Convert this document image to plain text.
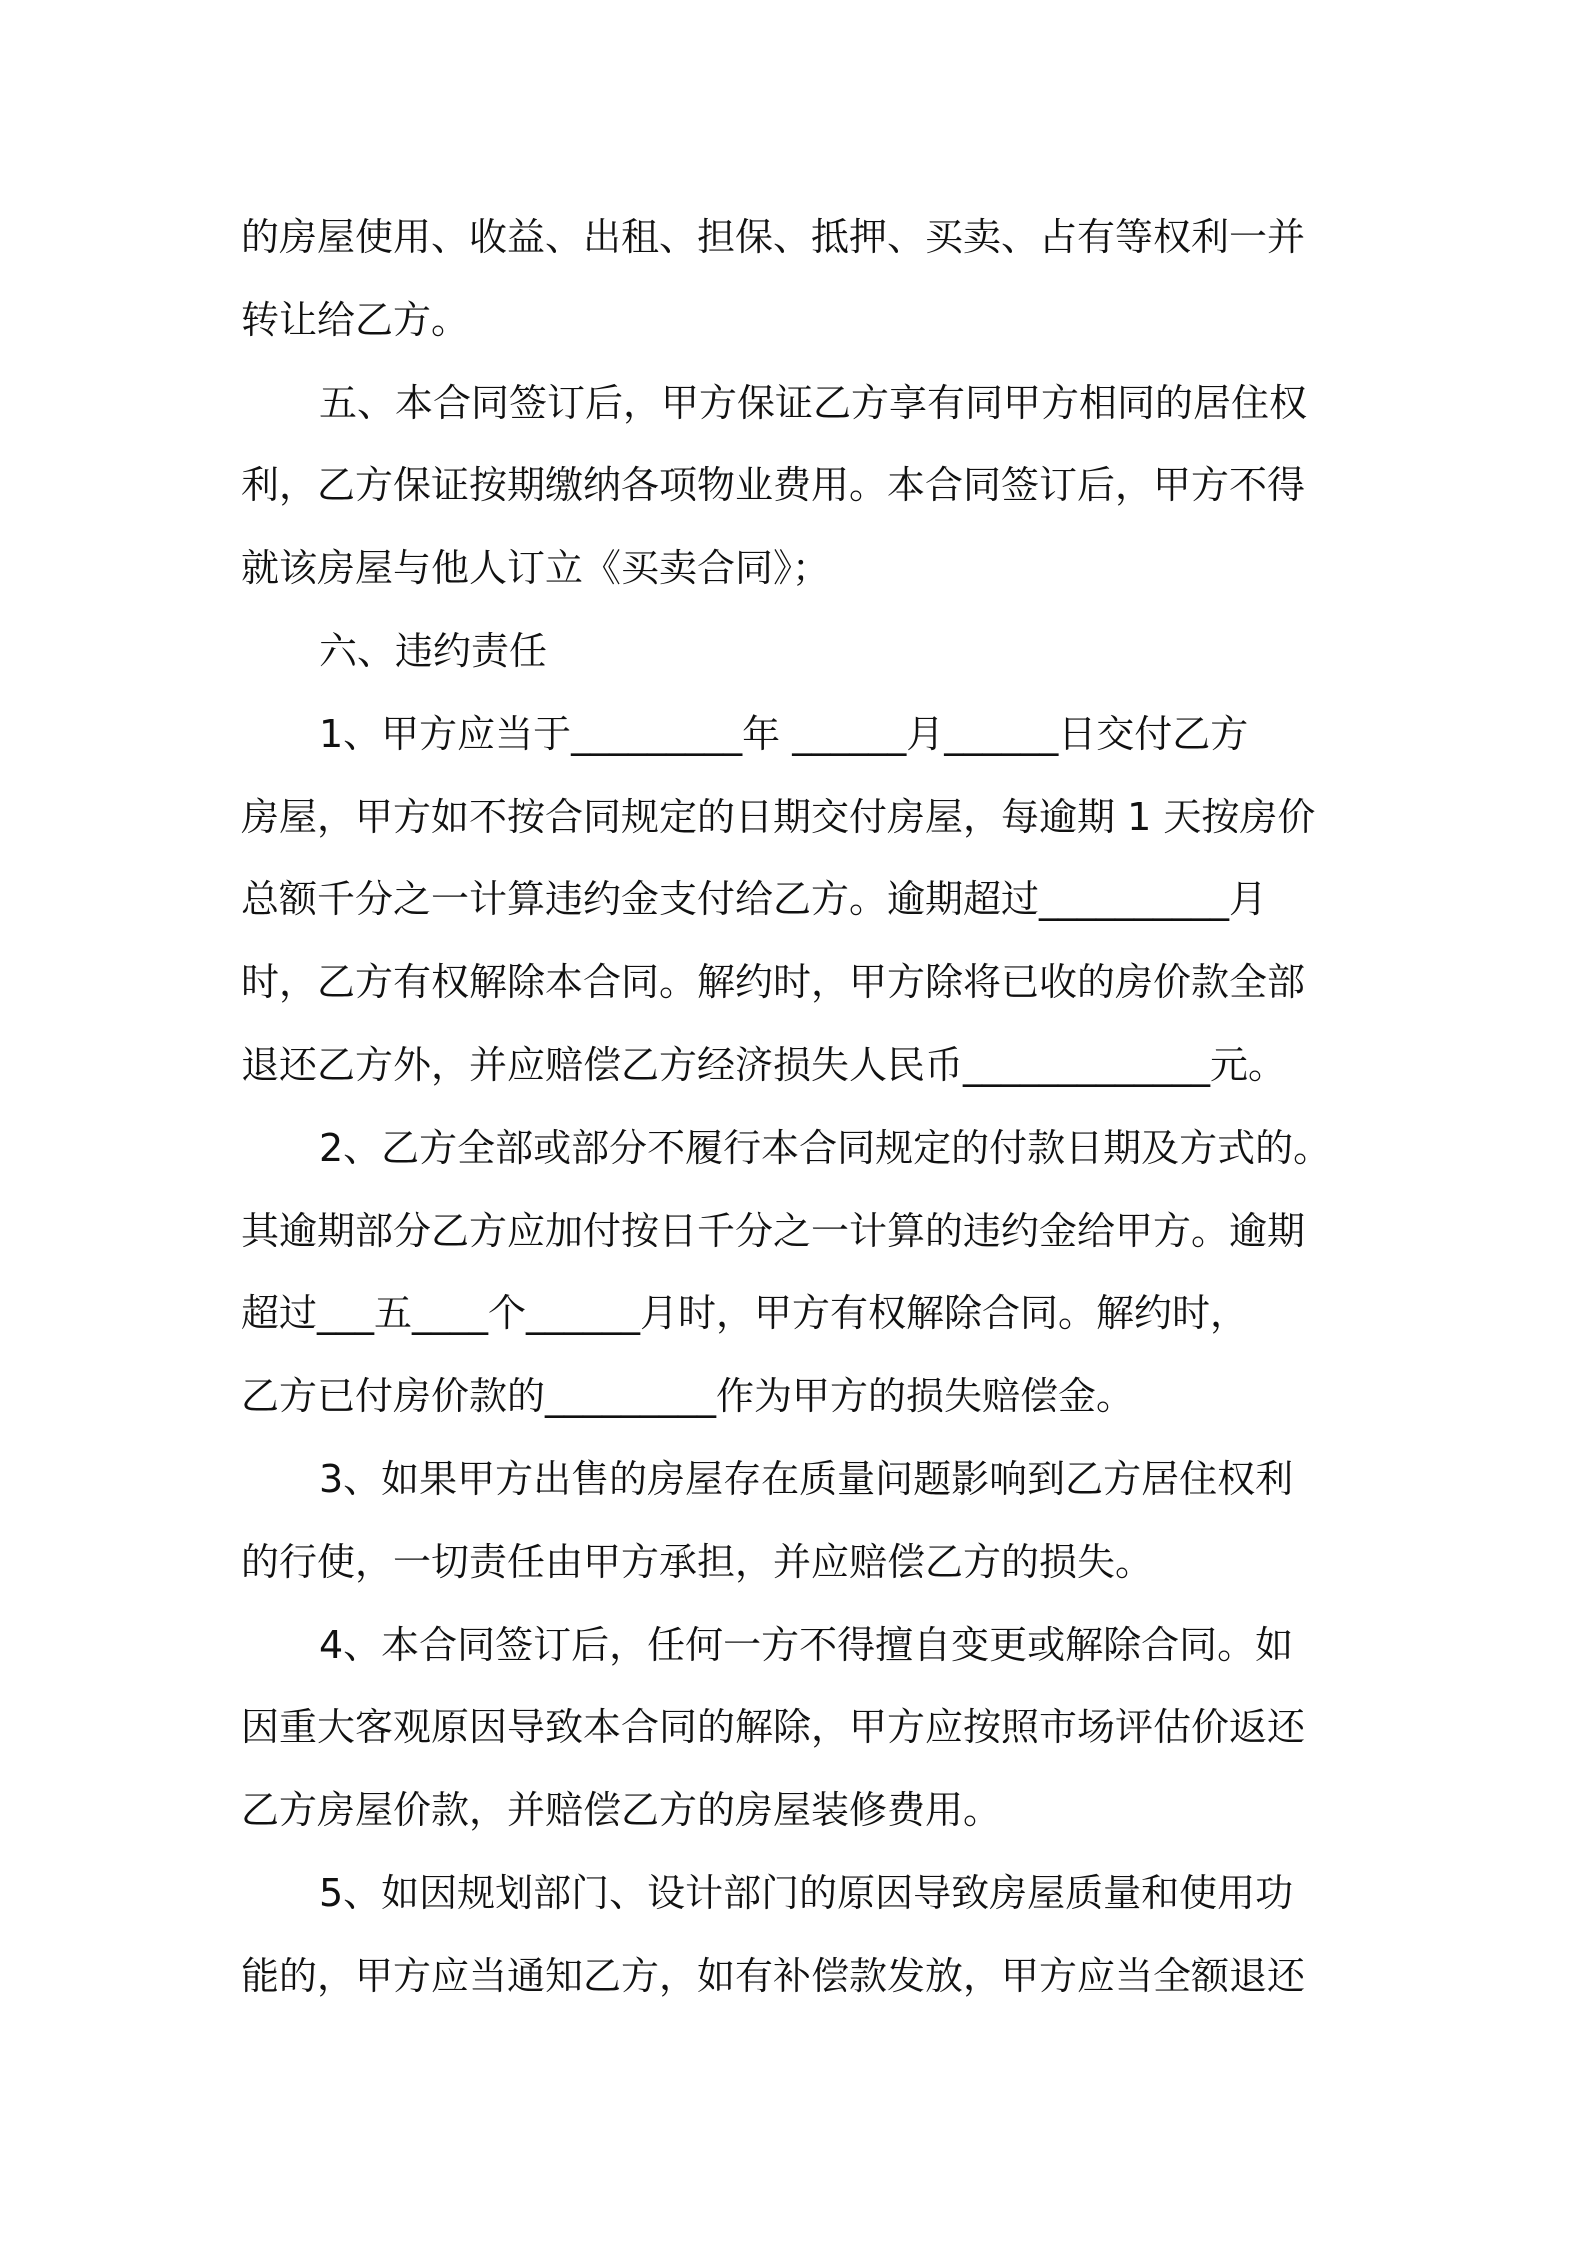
的房屋使用、收益、出租、担保、抵押、买卖、占有等权利一并
转让给乙方。
五、本合同签订后，甲方保证乙方享有同甲方相同的居住权
利，乙方保证按期缴纳各项物业费用。本合同签订后，甲方不得
就该房屋与他人订立《买卖合同》；
六、违约责任
1、甲方应当于_________年 ______月______日交付乙方
房屋，甲方如不按合同规定的日期交付房屋，每逾期 1 天按房价
总额千分之一计算违约金支付给乙方。逾期超过__________月
时，乙方有权解除本合同。解约时，甲方除将已收的房价款全部
退还乙方外，并应赔偿乙方经济损失人民币_____________元。
2、乙方全部或部分不履行本合同规定的付款日期及方式的。
其逾期部分乙方应加付按日千分之一计算的违约金给甲方。逾期
超过___五____个______月时，甲方有权解除合同。解约时，
乙方已付房价款的_________作为甲方的损失赔偿金。
3、如果甲方出售的房屋存在质量问题影响到乙方居住权利
的行使，一切责任由甲方承担，并应赔偿乙方的损失。
4、本合同签订后，任何一方不得擅自变更或解除合同。如
因重大客观原因导致本合同的解除，甲方应按照市场评估价返还
乙方房屋价款，并赔偿乙方的房屋装修费用。
5、如因规划部门、设计部门的原因导致房屋质量和使用功
能的，甲方应当通知乙方，如有补偿款发放，甲方应当全额退还
